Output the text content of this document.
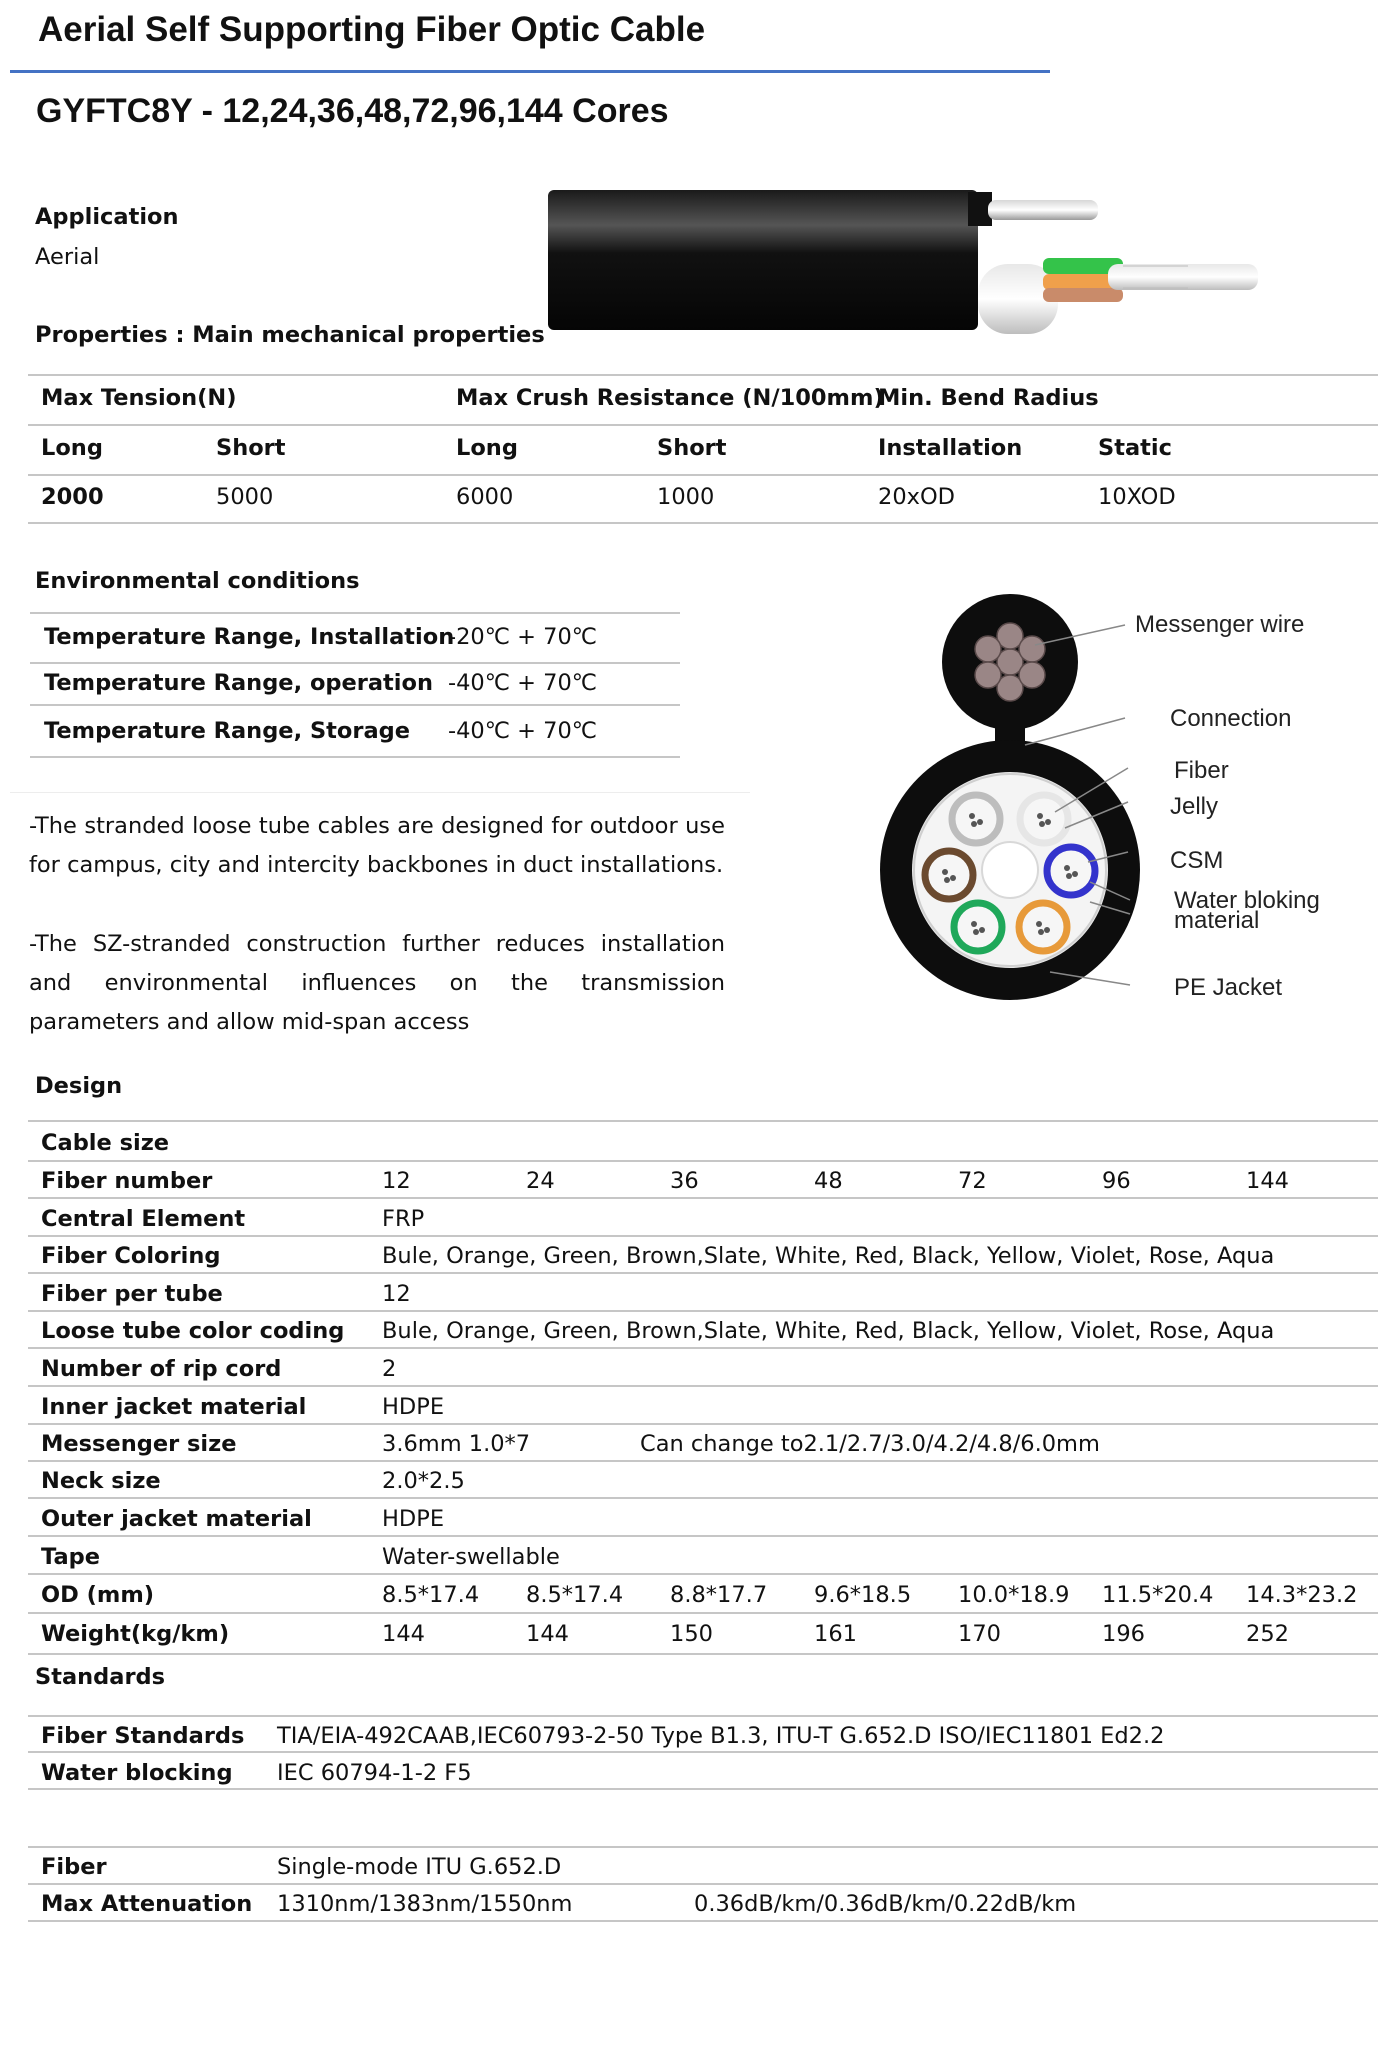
Aerial Self Supporting Fiber Optic Cable
GYFTC8Y - 12,24,36,48,72,96,144 Cores
Application
Aerial
Properties : Main mechanical properties
Max Tension(N)	Max Crush Resistance (N/100mm)
Min. Bend Radius
Long	Short	Long	Short	Installation	Static
2000	5000	6000	1000	20xOD	10XOD
Environmental conditions
Temperature Range, Installation
-20℃ + 70℃
Temperature Range, operation -40℃ + 70℃
Temperature Range, Storage -40℃ + 70℃
-The stranded loose tube cables are designed for outdoor use for campus, city and intercity backbones in duct installations.
-The SZ-stranded construction further reduces installation and environmental influences on the transmission parameters and allow mid-span access
Messenger wire
Connection
Fiber
Jelly
CSM
Water bloking
material
PE Jacket
Design
Cable size
Fiber number	12	24	36	48	72	96	144
Central Element	FRP
Fiber Coloring	Bule, Orange, Green, Brown,Slate, White, Red, Black, Yellow, Violet, Rose, Aqua
Fiber per tube	12
Loose tube color coding Bule, Orange, Green, Brown,Slate, White, Red, Black, Yellow, Violet, Rose, Aqua
Number of rip cord	2
Inner jacket material	HDPE
Messenger size	3.6mm 1.0*7	Can change to2.1/2.7/3.0/4.2/4.8/6.0mm
Neck size	2.0*2.5
Outer jacket material	HDPE
Tape	Water-swellable
OD (mm)	8.5*17.4 8.5*17.4 8.8*17.7 9.6*18.5 10.0*18.9 11.5*20.4 14.3*23.2
Weight(kg/km)	144	144	150	161	170	196	252
Standards
Fiber Standards TIA/EIA-492CAAB,IEC60793-2-50 Type B1.3, ITU-T G.652.D ISO/IEC11801 Ed2.2
Water blocking IEC 60794-1-2 F5
Fiber	Single-mode ITU G.652.D
Max Attenuation 1310nm/1383nm/1550nm	0.36dB/km/0.36dB/km/0.22dB/km
